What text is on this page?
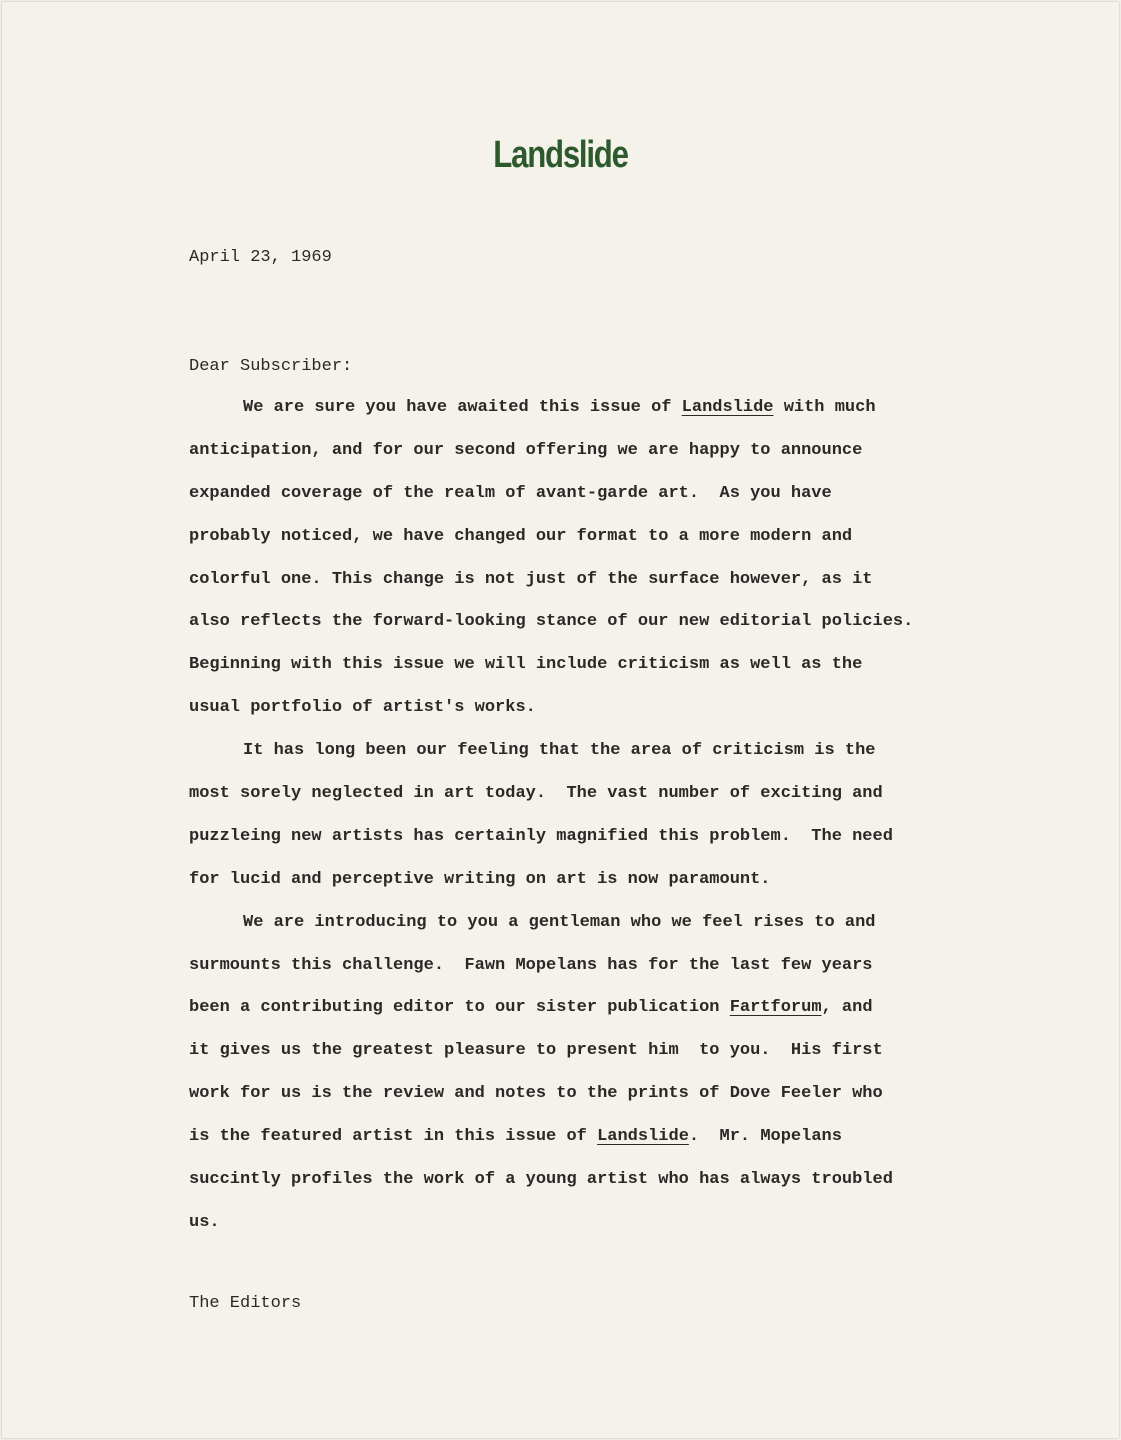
Landslide
April 23, 1969
Dear Subscriber:
We are sure you have awaited this issue of Landslide with much
anticipation, and for our second offering we are happy to announce
expanded coverage of the realm of avant-garde art.  As you have
probably noticed, we have changed our format to a more modern and
colorful one. This change is not just of the surface however, as it
also reflects the forward-looking stance of our new editorial policies.
Beginning with this issue we will include criticism as well as the
usual portfolio of artist's works.
It has long been our feeling that the area of criticism is the
most sorely neglected in art today.  The vast number of exciting and
puzzleing new artists has certainly magnified this problem.  The need
for lucid and perceptive writing on art is now paramount.
We are introducing to you a gentleman who we feel rises to and
surmounts this challenge.  Fawn Mopelans has for the last few years
been a contributing editor to our sister publication Fartforum, and
it gives us the greatest pleasure to present him  to you.  His first
work for us is the review and notes to the prints of Dove Feeler who
is the featured artist in this issue of Landslide.  Mr. Mopelans
succintly profiles the work of a young artist who has always troubled
us.
The Editors
